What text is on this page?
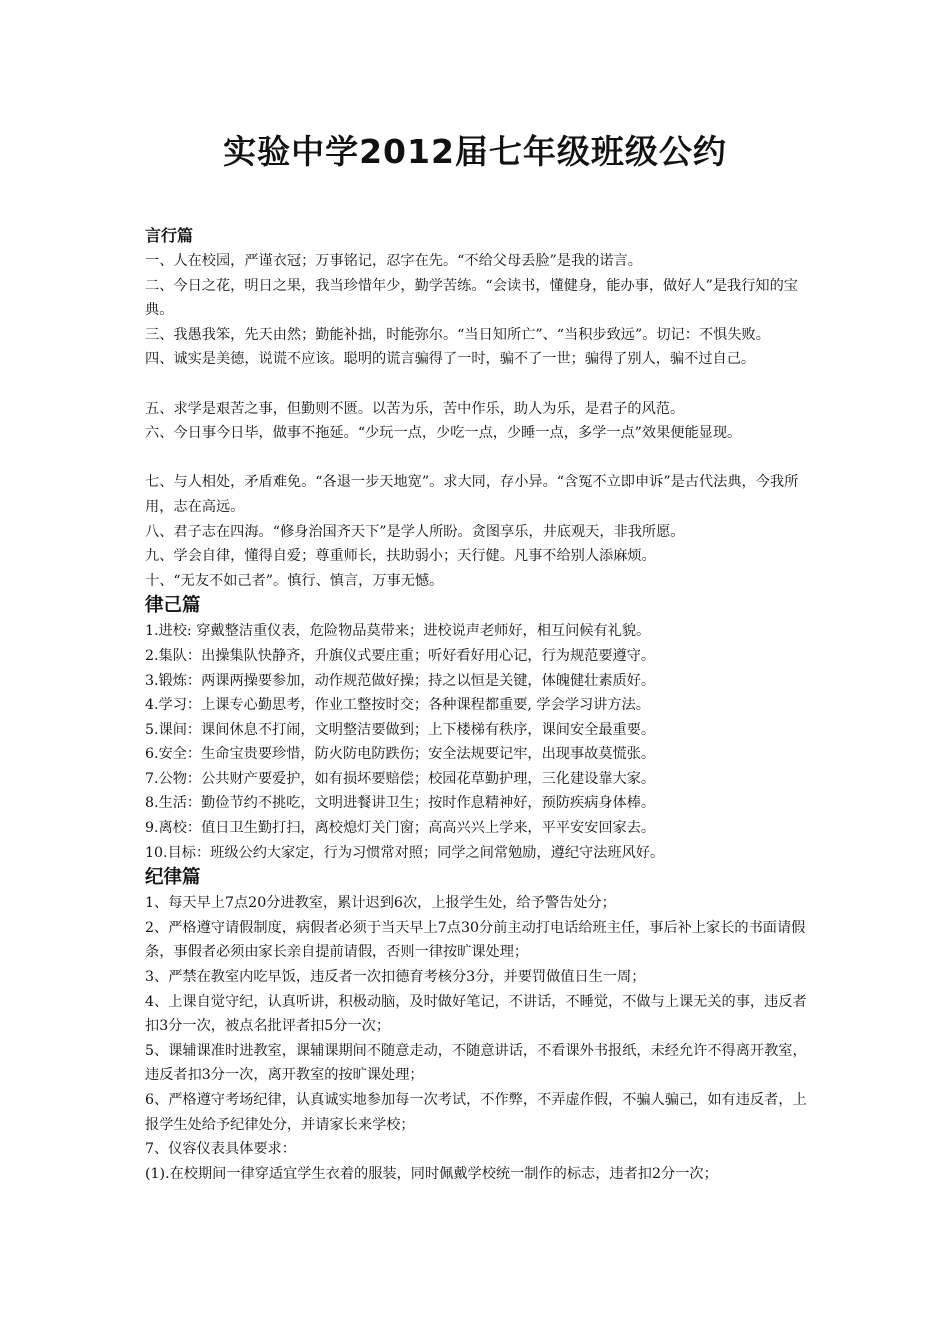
实验中学2012届七年级班级公约
言行篇
一、人在校园，严谨衣冠；万事铭记，忍字在先。“不给父母丢脸”是我的诺言。
二、今日之花，明日之果，我当珍惜年少，勤学苦练。“会读书，懂健身，能办事，做好人”是我行知的宝典。
三、我愚我笨，先天由然；勤能补拙，时能弥尔。“当日知所亡”、“当积步致远”。切记：不惧失败。
四、诚实是美德，说谎不应该。聪明的谎言骗得了一时，骗不了一世；骗得了别人，骗不过自己。
五、求学是艰苦之事，但勤则不匮。以苦为乐，苦中作乐，助人为乐，是君子的风范。
六、今日事今日毕，做事不拖延。“少玩一点，少吃一点，少睡一点，多学一点”效果便能显现。
七、与人相处，矛盾难免。“各退一步天地宽”。求大同，存小异。“含冤不立即申诉”是古代法典，今我所用，志在高远。
八、君子志在四海。“修身治国齐天下”是学人所盼。贪图享乐，井底观天，非我所愿。
九、学会自律，懂得自爱；尊重师长，扶助弱小；天行健。凡事不给别人添麻烦。
十、“无友不如己者”。慎行、慎言，万事无憾。
律己篇
1.进校: 穿戴整洁重仪表，危险物品莫带来；进校说声老师好，相互问候有礼貌。
2.集队：出操集队快静齐，升旗仪式要庄重；听好看好用心记，行为规范要遵守。
3.锻炼：两课两操要参加，动作规范做好操；持之以恒是关键，体魄健壮素质好。
4.学习：上课专心勤思考，作业工整按时交；各种课程都重要, 学会学习讲方法。
5.课间：课间休息不打闹，文明整洁要做到；上下楼梯有秩序，课间安全最重要。
6.安全：生命宝贵要珍惜，防火防电防跌伤；安全法规要记牢，出现事故莫慌张。
7.公物：公共财产要爱护，如有损坏要赔偿；校园花草勤护理，三化建设靠大家。
8.生活：勤俭节约不挑吃，文明进餐讲卫生；按时作息精神好，预防疾病身体棒。
9.离校：值日卫生勤打扫，离校熄灯关门窗；高高兴兴上学来，平平安安回家去。
10.目标：班级公约大家定，行为习惯常对照；同学之间常勉励，遵纪守法班风好。
纪律篇
1、每天早上7点20分进教室，累计迟到6次，上报学生处，给予警告处分；
2、严格遵守请假制度，病假者必须于当天早上7点30分前主动打电话给班主任，事后补上家长的书面请假条，事假者必须由家长亲自提前请假，否则一律按旷课处理；
3、严禁在教室内吃早饭，违反者一次扣德育考核分3分，并要罚做值日生一周；
4、上课自觉守纪，认真听讲，积极动脑，及时做好笔记，不讲话，不睡觉，不做与上课无关的事，违反者扣3分一次，被点名批评者扣5分一次；
5、课辅课准时进教室，课辅课期间不随意走动，不随意讲话，不看课外书报纸，未经允许不得离开教室，违反者扣3分一次，离开教室的按旷课处理；
6、严格遵守考场纪律，认真诚实地参加每一次考试，不作弊，不弄虚作假，不骗人骗己，如有违反者，上报学生处给予纪律处分，并请家长来学校；
7、仪容仪表具体要求：
(1).在校期间一律穿适宜学生衣着的服装，同时佩戴学校统一制作的标志，违者扣2分一次；
